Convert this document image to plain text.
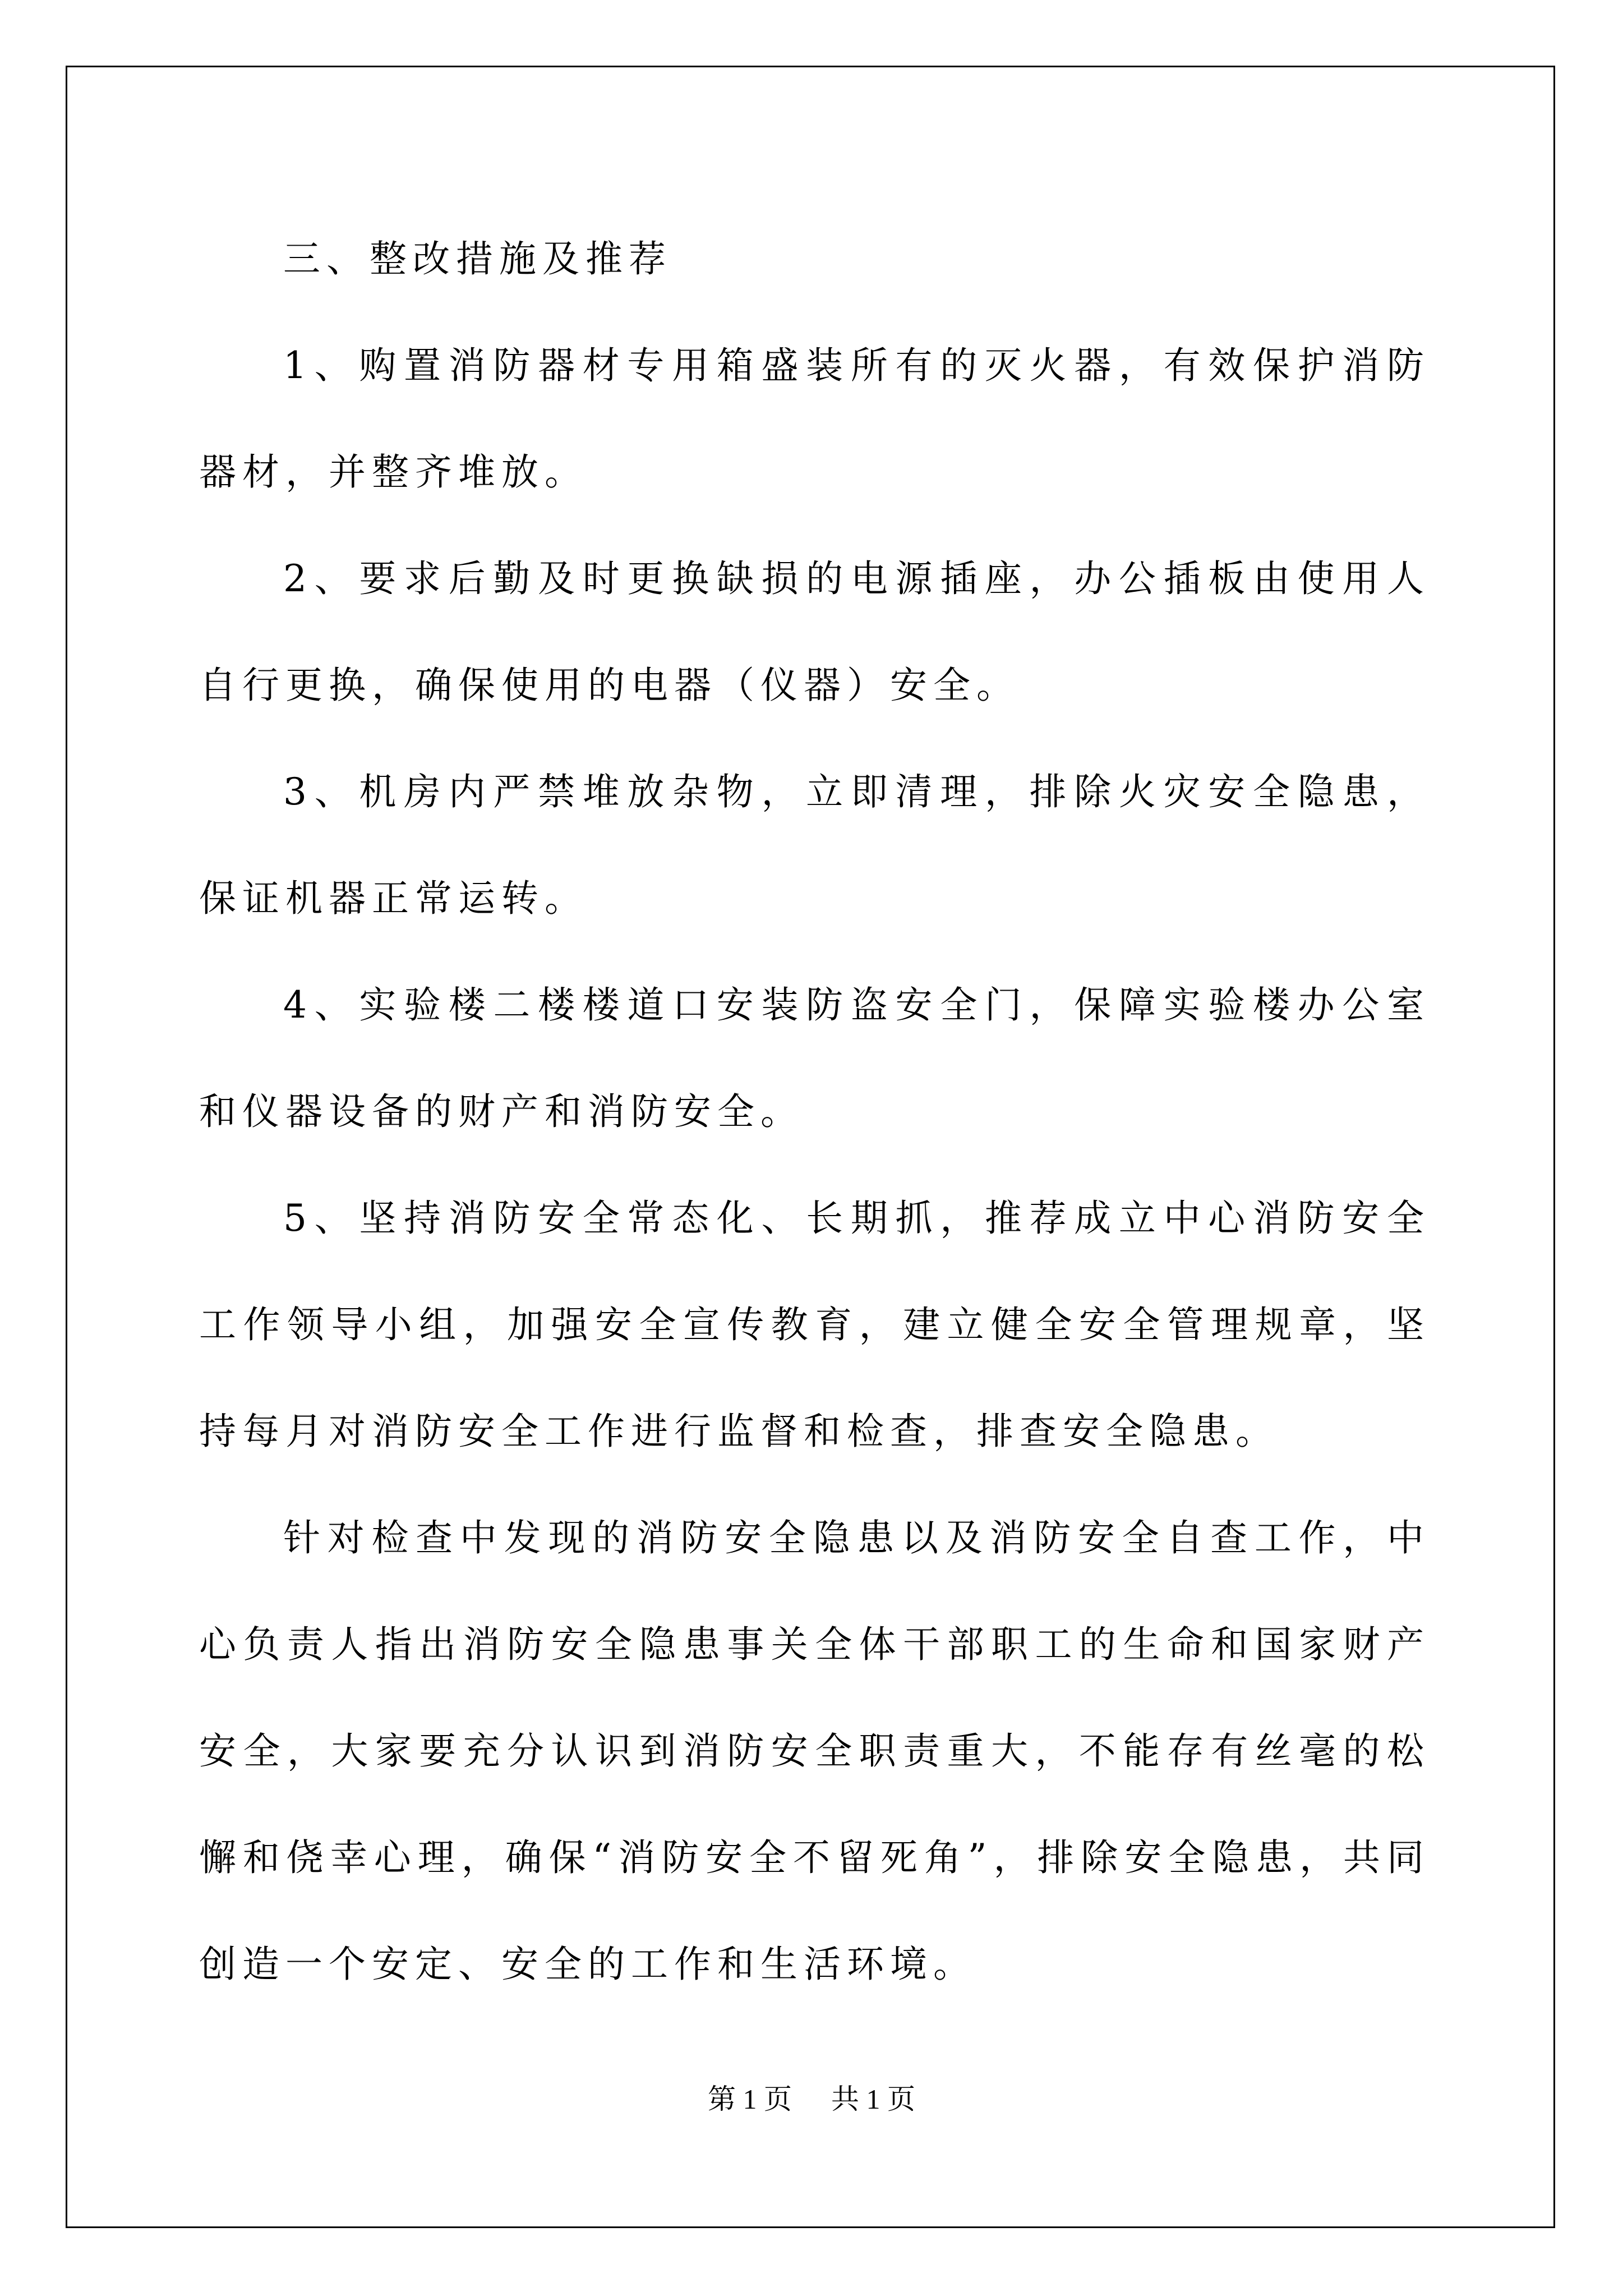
三、整改措施及推荐

1、购置消防器材专用箱盛装所有的灭火器，有效保护消防器材，并整齐堆放。

2、要求后勤及时更换缺损的电源插座，办公插板由使用人自行更换，确保使用的电器（仪器）安全。

3、机房内严禁堆放杂物，立即清理，排除火灾安全隐患，保证机器正常运转。

4、实验楼二楼楼道口安装防盗安全门，保障实验楼办公室和仪器设备的财产和消防安全。

5、坚持消防安全常态化、长期抓，推荐成立中心消防安全工作领导小组，加强安全宣传教育，建立健全安全管理规章，坚持每月对消防安全工作进行监督和检查，排查安全隐患。

针对检查中发现的消防安全隐患以及消防安全自查工作，中心负责人指出消防安全隐患事关全体干部职工的生命和国家财产安全，大家要充分认识到消防安全职责重大，不能存有丝毫的松懈和侥幸心理，确保“消防安全不留死角”，排除安全隐患，共同创造一个安定、安全的工作和生活环境。

第 1 页 共 1 页
